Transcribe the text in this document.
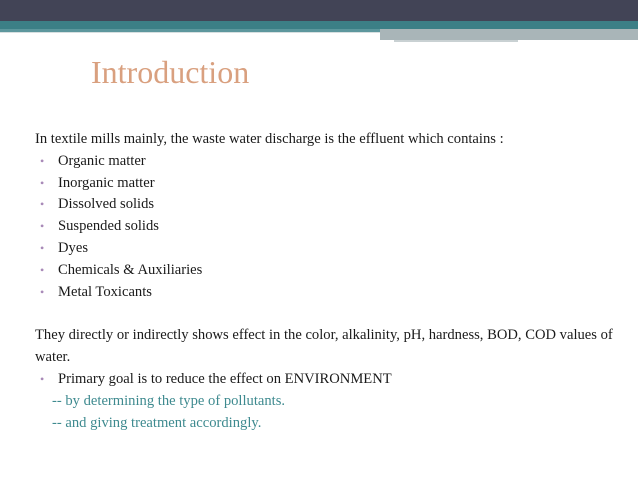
Introduction

In textile mills mainly, the waste water discharge is the effluent which contains :

• Organic matter
• Inorganic matter
• Dissolved solids
• Suspended solids
• Dyes
• Chemicals & Auxiliaries
• Metal Toxicants

They directly or indirectly shows effect in the color, alkalinity, pH, hardness, BOD, COD values of water.

• Primary goal is to reduce the effect on ENVIRONMENT

-- by determining the type of pollutants.

-- and giving treatment accordingly.
